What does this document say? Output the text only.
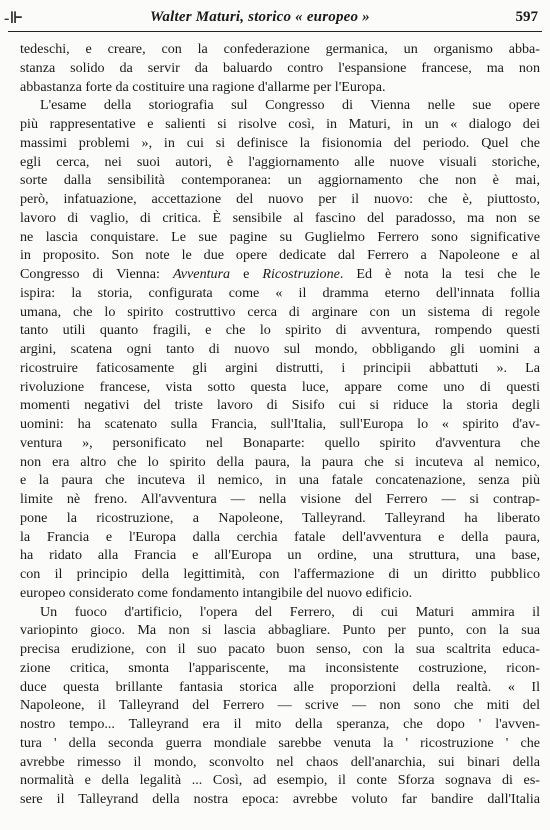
-⊩	Walter Maturi, storico « europeo »	597
tedeschi, e creare, con la confederazione germanica, un organismo abba-
stanza solido da servir da baluardo contro l'espansione francese, ma non
abbastanza forte da costituire una ragione d'allarme per l'Europa.
L'esame della storiografia sul Congresso di Vienna nelle sue opere
più rappresentative e salienti si risolve così, in Maturi, in un « dialogo dei
massimi problemi », in cui si definisce la fisionomia del periodo. Quel che
egli cerca, nei suoi autori, è l'aggiornamento alle nuove visuali storiche,
sorte dalla sensibilità contemporanea: un aggiornamento che non è mai,
però, infatuazione, accettazione del nuovo per il nuovo: che è, piuttosto,
lavoro di vaglio, di critica. È sensibile al fascino del paradosso, ma non se
ne lascia conquistare. Le sue pagine su Guglielmo Ferrero sono significative
in proposito. Son note le due opere dedicate dal Ferrero a Napoleone e al
Congresso di Vienna: Avventura e Ricostruzione. Ed è nota la tesi che le
ispira: la storia, configurata come « il dramma eterno dell'innata follia
umana, che lo spirito costruttivo cerca di arginare con un sistema di regole
tanto utili quanto fragili, e che lo spirito di avventura, rompendo questi
argini, scatena ogni tanto di nuovo sul mondo, obbligando gli uomini a
ricostruire faticosamente gli argini distrutti, i principii abbattuti ». La
rivoluzione francese, vista sotto questa luce, appare come uno di questi
momenti negativi del triste lavoro di Sisifo cui si riduce la storia degli
uomini: ha scatenato sulla Francia, sull'Italia, sull'Europa lo « spirito d'av-
ventura », personificato nel Bonaparte: quello spirito d'avventura che
non era altro che lo spirito della paura, la paura che si incuteva al nemico,
e la paura che incuteva il nemico, in una fatale concatenazione, senza più
limite nè freno. All'avventura — nella visione del Ferrero — si contrap-
pone la ricostruzione, a Napoleone, Talleyrand. Talleyrand ha liberato
la Francia e l'Europa dalla cerchia fatale dell'avventura e della paura,
ha ridato alla Francia e all'Europa un ordine, una struttura, una base,
con il principio della legittimità, con l'affermazione di un diritto pubblico
europeo considerato come fondamento intangibile del nuovo edificio.
Un fuoco d'artificio, l'opera del Ferrero, di cui Maturi ammira il
variopinto gioco. Ma non si lascia abbagliare. Punto per punto, con la sua
precisa erudizione, con il suo pacato buon senso, con la sua scaltrita educa-
zione critica, smonta l'appariscente, ma inconsistente costruzione, ricon-
duce questa brillante fantasia storica alle proporzioni della realtà. « Il
Napoleone, il Talleyrand del Ferrero — scrive — non sono che miti del
nostro tempo... Talleyrand era il mito della speranza, che dopo ' l'avven-
tura ' della seconda guerra mondiale sarebbe venuta la ' ricostruzione ' che
avrebbe rimesso il mondo, sconvolto nel chaos dell'anarchia, sui binari della
normalità e della legalità ... Così, ad esempio, il conte Sforza sognava di es-
sere il Talleyrand della nostra epoca: avrebbe voluto far bandire dall'Italia
